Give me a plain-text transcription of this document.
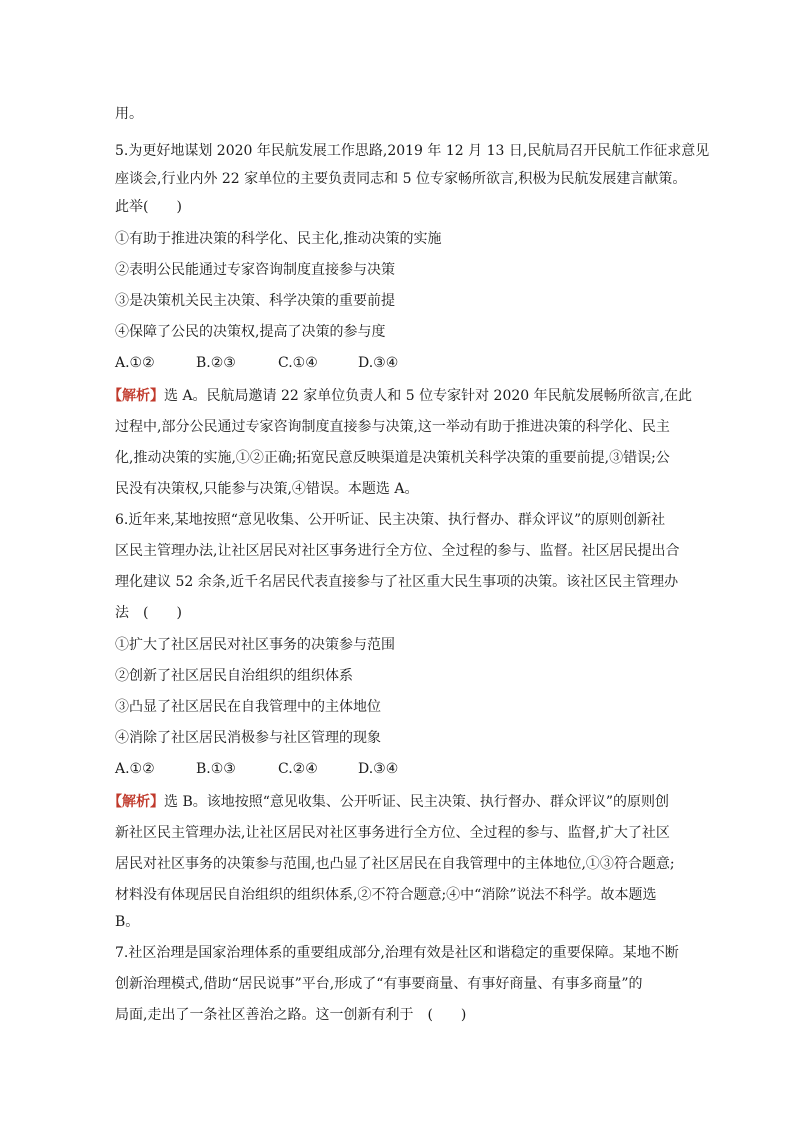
用。
5.为更好地谋划 2020 年民航发展工作思路,2019 年 12 月 13 日,民航局召开民航工作征求意见
座谈会,行业内外 22 家单位的主要负责同志和 5 位专家畅所欲言,积极为民航发展建言献策。
此举(　　)
①有助于推进决策的科学化、民主化,推动决策的实施
②表明公民能通过专家咨询制度直接参与决策
③是决策机关民主决策、科学决策的重要前提
④保障了公民的决策权,提高了决策的参与度
A.①②	B.②③	C.①④	D.③④
【解析】选 A。民航局邀请 22 家单位负责人和 5 位专家针对 2020 年民航发展畅所欲言,在此
过程中,部分公民通过专家咨询制度直接参与决策,这一举动有助于推进决策的科学化、民主
化,推动决策的实施,①②正确;拓宽民意反映渠道是决策机关科学决策的重要前提,③错误;公
民没有决策权,只能参与决策,④错误。本题选 A。
6.近年来,某地按照“意见收集、公开听证、民主决策、执行督办、群众评议”的原则创新社
区民主管理办法,让社区居民对社区事务进行全方位、全过程的参与、监督。社区居民提出合
理化建议 52 余条,近千名居民代表直接参与了社区重大民生事项的决策。该社区民主管理办
法　(　　)
①扩大了社区居民对社区事务的决策参与范围
②创新了社区居民自治组织的组织体系
③凸显了社区居民在自我管理中的主体地位
④消除了社区居民消极参与社区管理的现象
A.①②	B.①③	C.②④	D.③④
【解析】选 B。该地按照“意见收集、公开听证、民主决策、执行督办、群众评议”的原则创
新社区民主管理办法,让社区居民对社区事务进行全方位、全过程的参与、监督,扩大了社区
居民对社区事务的决策参与范围,也凸显了社区居民在自我管理中的主体地位,①③符合题意;
材料没有体现居民自治组织的组织体系,②不符合题意;④中“消除”说法不科学。故本题选
B。
7.社区治理是国家治理体系的重要组成部分,治理有效是社区和谐稳定的重要保障。某地不断
创新治理模式,借助“居民说事”平台,形成了“有事要商量、有事好商量、有事多商量”的
局面,走出了一条社区善治之路。这一创新有利于　(　　)
